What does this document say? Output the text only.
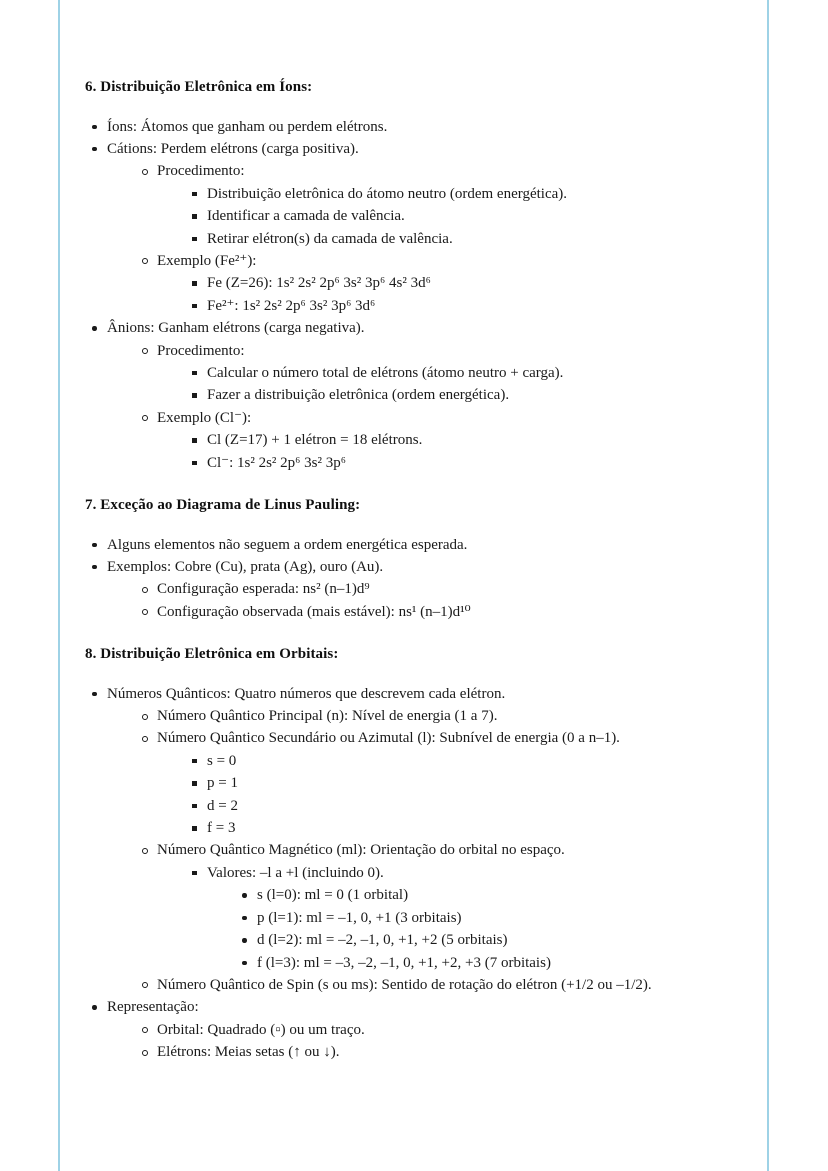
6. Distribuição Eletrônica em Íons:
Íons: Átomos que ganham ou perdem elétrons.
Cátions: Perdem elétrons (carga positiva).
Procedimento:
Distribuição eletrônica do átomo neutro (ordem energética).
Identificar a camada de valência.
Retirar elétron(s) da camada de valência.
Exemplo (Fe²⁺):
Fe (Z=26): 1s² 2s² 2p⁶ 3s² 3p⁶ 4s² 3d⁶
Fe²⁺: 1s² 2s² 2p⁶ 3s² 3p⁶ 3d⁶
Ânions: Ganham elétrons (carga negativa).
Procedimento:
Calcular o número total de elétrons (átomo neutro + carga).
Fazer a distribuição eletrônica (ordem energética).
Exemplo (Cl⁻):
Cl (Z=17) + 1 elétron = 18 elétrons.
Cl⁻: 1s² 2s² 2p⁶ 3s² 3p⁶
7. Exceção ao Diagrama de Linus Pauling:
Alguns elementos não seguem a ordem energética esperada.
Exemplos: Cobre (Cu), prata (Ag), ouro (Au).
Configuração esperada: ns² (n–1)d⁹
Configuração observada (mais estável): ns¹ (n–1)d¹⁰
8. Distribuição Eletrônica em Orbitais:
Números Quânticos: Quatro números que descrevem cada elétron.
Número Quântico Principal (n): Nível de energia (1 a 7).
Número Quântico Secundário ou Azimutal (l): Subnível de energia (0 a n–1).
s = 0
p = 1
d = 2
f = 3
Número Quântico Magnético (ml): Orientação do orbital no espaço.
Valores: –l a +l (incluindo 0).
s (l=0): ml = 0 (1 orbital)
p (l=1): ml = –1, 0, +1 (3 orbitais)
d (l=2): ml = –2, –1, 0, +1, +2 (5 orbitais)
f (l=3): ml = –3, –2, –1, 0, +1, +2, +3 (7 orbitais)
Número Quântico de Spin (s ou ms): Sentido de rotação do elétron (+1/2 ou –1/2).
Representação:
Orbital: Quadrado (▫) ou um traço.
Elétrons: Meias setas (↑ ou ↓).
